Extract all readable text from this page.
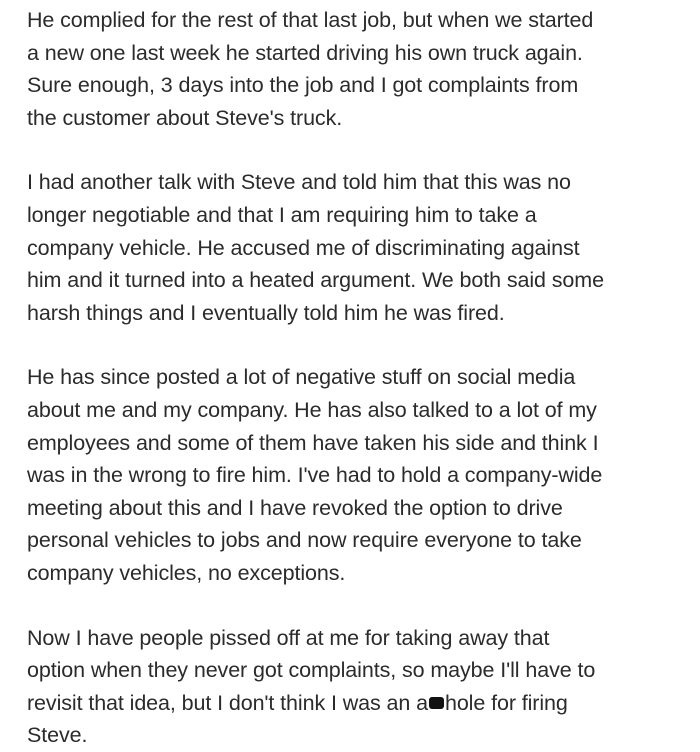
He complied for the rest of that last job, but when we started
a new one last week he started driving his own truck again.
Sure enough, 3 days into the job and I got complaints from
the customer about Steve's truck.

I had another talk with Steve and told him that this was no
longer negotiable and that I am requiring him to take a
company vehicle. He accused me of discriminating against
him and it turned into a heated argument. We both said some
harsh things and I eventually told him he was fired.

He has since posted a lot of negative stuff on social media
about me and my company. He has also talked to a lot of my
employees and some of them have taken his side and think I
was in the wrong to fire him. I've had to hold a company-wide
meeting about this and I have revoked the option to drive
personal vehicles to jobs and now require everyone to take
company vehicles, no exceptions.

Now I have people pissed off at me for taking away that
option when they never got complaints, so maybe I'll have to
revisit that idea, but I don't think I was an a hole for firing
Steve.
